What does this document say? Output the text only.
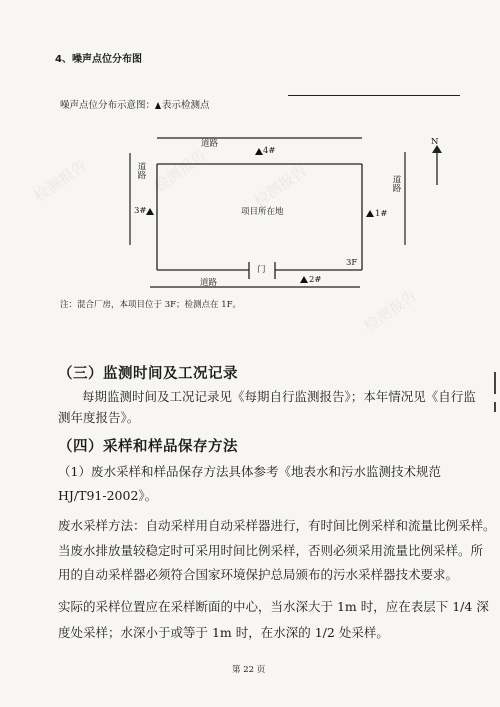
检测报告	检测报告	检测报告
检测报告
4、噪声点位分布图
噪声点位分布示意图： 表示检测点
道路
4#
N
道路
3#	项目所在地
道路
1#
3F
门
道路	2#
注：混合厂房，本项目位于 3F；检测点在 1F。
（三）监测时间及工况记录
每期监测时间及工况记录见《每期自行监测报告》；本年情况见《自行监
测年度报告》。
（四）采样和样品保存方法
（1）废水采样和样品保存方法具体参考《地表水和污水监测技术规范
HJ/T91-2002》。
废水采样方法：自动采样用自动采样器进行，有时间比例采样和流量比例采样。
当废水排放量较稳定时可采用时间比例采样，否则必须采用流量比例采样。所
用的自动采样器必须符合国家环境保护总局颁布的污水采样器技术要求。
实际的采样位置应在采样断面的中心，当水深大于 1m 时，应在表层下 1/4 深
度处采样；水深小于或等于 1m 时，在水深的 1/2 处采样。
第 22 页
